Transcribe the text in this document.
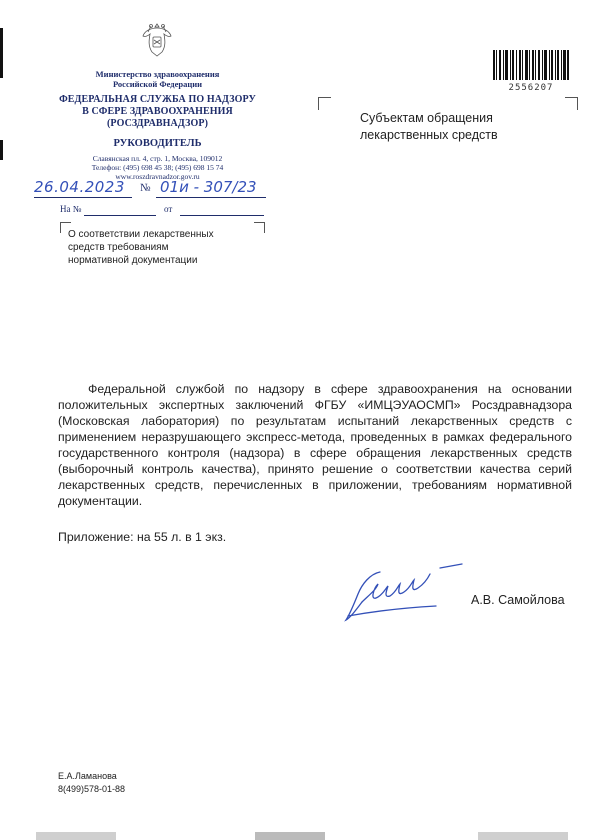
Министерство здравоохранения
Российской Федерации
ФЕДЕРАЛЬНАЯ СЛУЖБА ПО НАДЗОРУ
В СФЕРЕ ЗДРАВООХРАНЕНИЯ
(РОСЗДРАВНАДЗОР)
РУКОВОДИТЕЛЬ
Славянская пл. 4, стр. 1, Москва, 109012
Телефон: (495) 698 45 38; (495) 698 15 74
www.roszdravnadzor.gov.ru
2556207
Субъектам обращения
лекарственных средств
26.04.2023 № 01и - 307/23
На №	от
О соответствии лекарственных
средств требованиям
нормативной документации
Федеральной службой по надзору в сфере здравоохранения на основании положительных экспертных заключений ФГБУ «ИМЦЭУАОСМП» Росздравнадзора (Московская лаборатория) по результатам испытаний лекарственных средств с применением неразрушающего экспресс-метода, проведенных в рамках федерального государственного контроля (надзора) в сфере обращения лекарственных средств (выборочный контроль качества), принято решение о соответствии качества серий лекарственных средств, перечисленных в приложении, требованиям нормативной документации.
Приложение: на 55 л. в 1 экз.
А.В. Самойлова
Е.А.Ламанова
8(499)578-01-88
